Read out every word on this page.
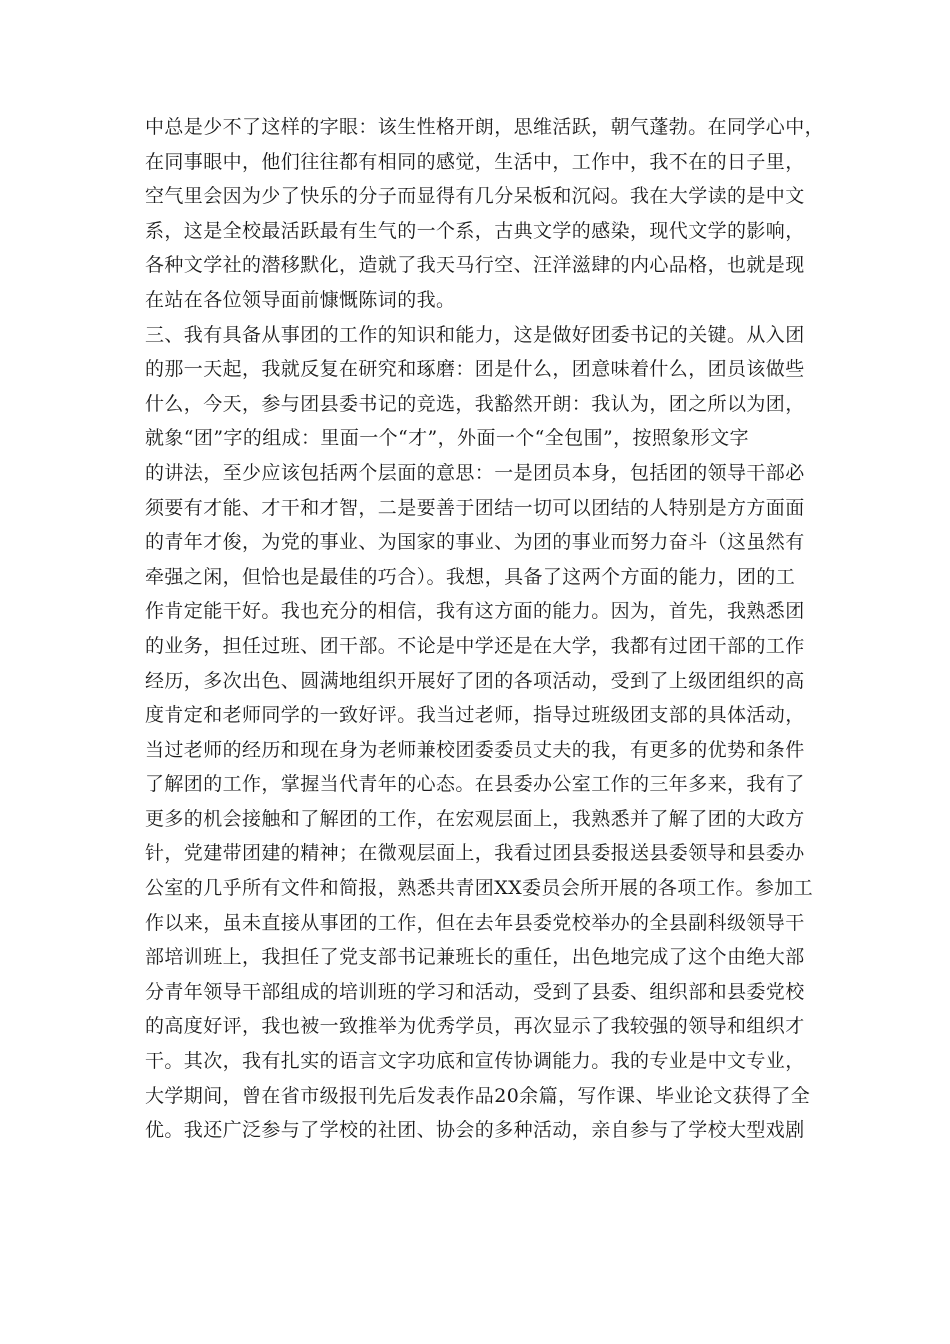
中总是少不了这样的字眼：该生性格开朗，思维活跃，朝气蓬勃。在同学心中，
在同事眼中，他们往往都有相同的感觉，生活中，工作中，我不在的日子里，
空气里会因为少了快乐的分子而显得有几分呆板和沉闷。我在大学读的是中文
系，这是全校最活跃最有生气的一个系，古典文学的感染，现代文学的影响，
各种文学社的潜移默化，造就了我天马行空、汪洋滋肆的内心品格，也就是现
在站在各位领导面前慷慨陈词的我。
三、我有具备从事团的工作的知识和能力，这是做好团委书记的关键。从入团
的那一天起，我就反复在研究和琢磨：团是什么，团意味着什么，团员该做些
什么，今天，参与团县委书记的竞选，我豁然开朗：我认为，团之所以为团，
就象“团”字的组成：里面一个“才”，外面一个“全包围”，按照象形文字
的讲法，至少应该包括两个层面的意思：一是团员本身，包括团的领导干部必
须要有才能、才干和才智，二是要善于团结一切可以团结的人特别是方方面面
的青年才俊，为党的事业、为国家的事业、为团的事业而努力奋斗（这虽然有
牵强之闲，但恰也是最佳的巧合）。我想，具备了这两个方面的能力，团的工
作肯定能干好。我也充分的相信，我有这方面的能力。因为，首先，我熟悉团
的业务，担任过班、团干部。不论是中学还是在大学，我都有过团干部的工作
经历，多次出色、圆满地组织开展好了团的各项活动，受到了上级团组织的高
度肯定和老师同学的一致好评。我当过老师，指导过班级团支部的具体活动，
当过老师的经历和现在身为老师兼校团委委员丈夫的我，有更多的优势和条件
了解团的工作，掌握当代青年的心态。在县委办公室工作的三年多来，我有了
更多的机会接触和了解团的工作，在宏观层面上，我熟悉并了解了团的大政方
针，党建带团建的精神；在微观层面上，我看过团县委报送县委领导和县委办
公室的几乎所有文件和简报，熟悉共青团XX委员会所开展的各项工作。参加工
作以来，虽未直接从事团的工作，但在去年县委党校举办的全县副科级领导干
部培训班上，我担任了党支部书记兼班长的重任，出色地完成了这个由绝大部
分青年领导干部组成的培训班的学习和活动，受到了县委、组织部和县委党校
的高度好评，我也被一致推举为优秀学员，再次显示了我较强的领导和组织才
干。其次，我有扎实的语言文字功底和宣传协调能力。我的专业是中文专业，
大学期间，曾在省市级报刊先后发表作品20余篇，写作课、毕业论文获得了全
优。我还广泛参与了学校的社团、协会的多种活动，亲自参与了学校大型戏剧
